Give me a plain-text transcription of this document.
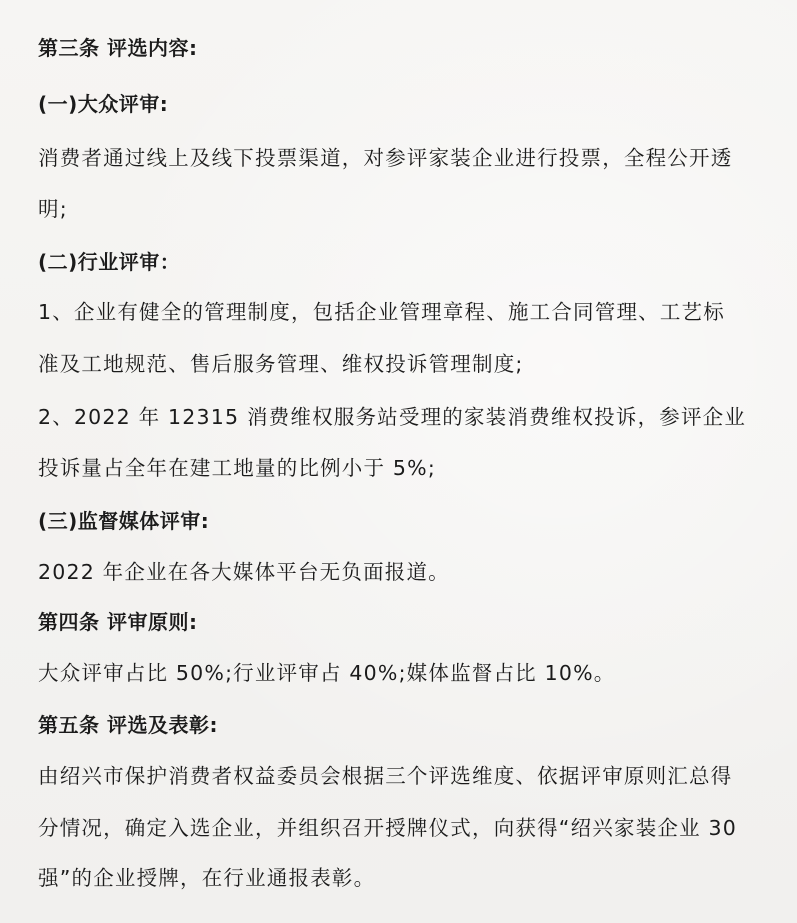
第三条 评选内容:
(一)大众评审:
消费者通过线上及线下投票渠道，对参评家装企业进行投票，全程公开透
明;
(二)行业评审：
1、企业有健全的管理制度，包括企业管理章程、施工合同管理、工艺标
准及工地规范、售后服务管理、维权投诉管理制度;
2、2022 年 12315 消费维权服务站受理的家装消费维权投诉，参评企业
投诉量占全年在建工地量的比例小于 5%;
(三)监督媒体评审:
2022 年企业在各大媒体平台无负面报道。
第四条 评审原则:
大众评审占比 50%;行业评审占 40%;媒体监督占比 10%。
第五条 评选及表彰:
由绍兴市保护消费者权益委员会根据三个评选维度、依据评审原则汇总得
分情况，确定入选企业，并组织召开授牌仪式，向获得“绍兴家装企业 30
强”的企业授牌，在行业通报表彰。
